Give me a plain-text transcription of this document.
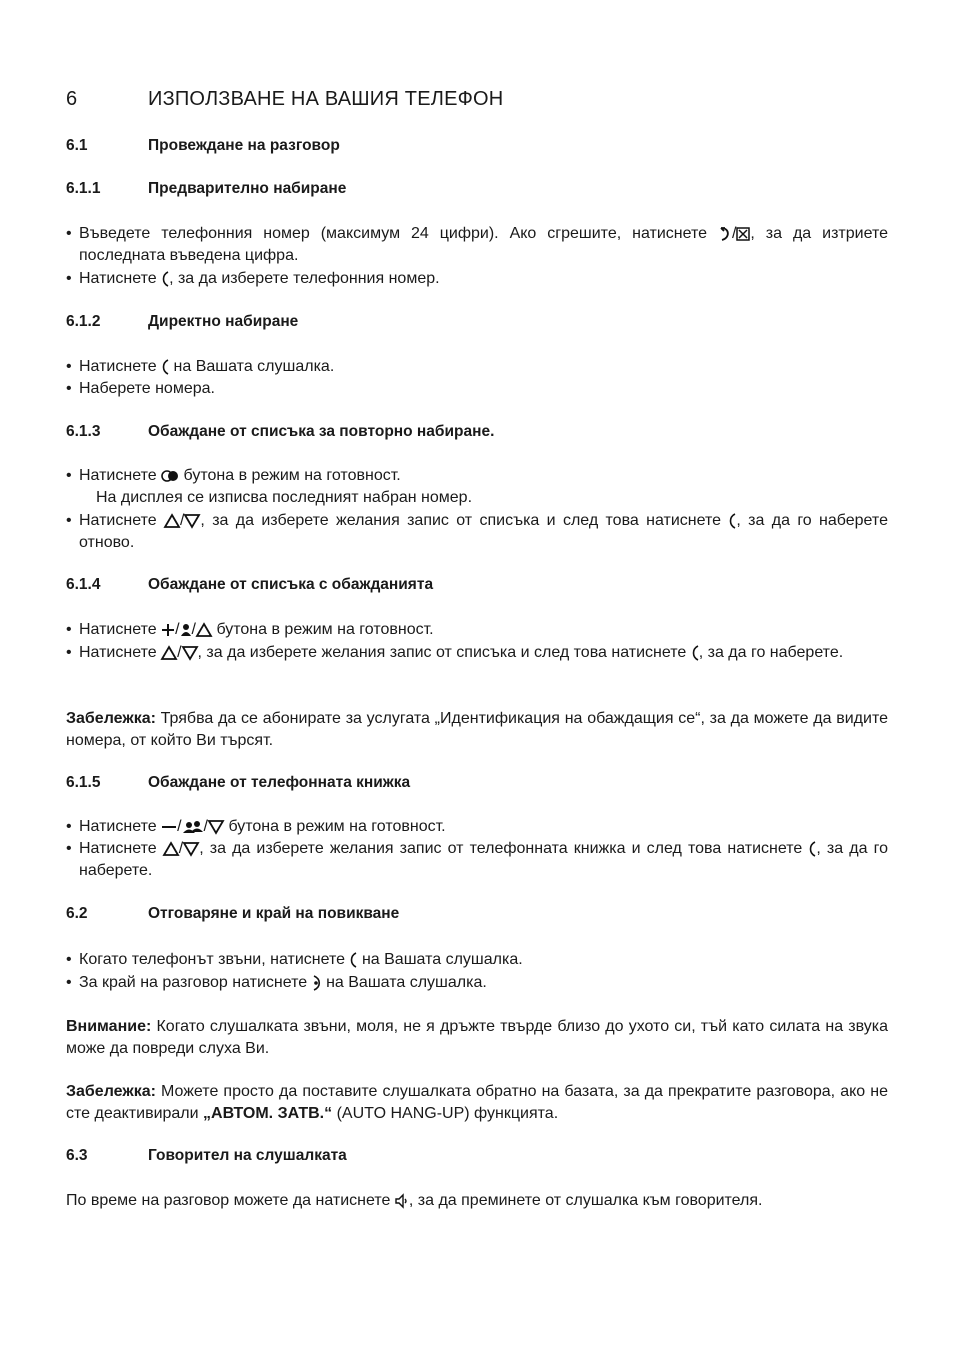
6	ИЗПОЛЗВАНЕ НА ВАШИЯ ТЕЛЕФОН
6.1	Провеждане на разговор
6.1.1	Предварително набиране
• Въведете телефонния номер (максимум 24 цифри). Ако сгрешите, натиснете / , за да изтриете последната въведена цифра.
• Натиснете , за да изберете телефонния номер.
6.1.2	Директно набиране
• Натиснете на Вашата слушалка.
• Наберете номера.
6.1.3	Обаждане от списъка за повторно набиране.
• Натиснете бутона в режим на готовност.
На дисплея се изписва последният набран номер.
• Натиснете / , за да изберете желания запис от списъка и след това натиснете , за да го наберете отново.
6.1.4	Обаждане от списъка с обажданията
• Натиснете / / бутона в режим на готовност.
• Натиснете / , за да изберете желания запис от списъка и след това натиснете , за да го наберете.
Забележка: Трябва да се абонирате за услугата „Идентификация на обаждащия се“, за да можете да видите номера, от който Ви търсят.
6.1.5	Обаждане от телефонната книжка
• Натиснете / / бутона в режим на готовност.
• Натиснете / , за да изберете желания запис от телефонната книжка и след това натиснете , за да го наберете.
6.2	Отговаряне и край на повикване
• Когато телефонът звъни, натиснете на Вашата слушалка.
• За край на разговор натиснете на Вашата слушалка.
Внимание: Когато слушалката звъни, моля, не я дръжте твърде близо до ухото си, тъй като силата на звука може да повреди слуха Ви.
Забележка: Можете просто да поставите слушалката обратно на базата, за да прекратите разговора, ако не сте деактивирали „АВТОМ. ЗАТВ.“ (AUTO HANG-UP) функцията.
6.3	Говорител на слушалката
По време на разговор можете да натиснете , за да преминете от слушалка към говорителя.
